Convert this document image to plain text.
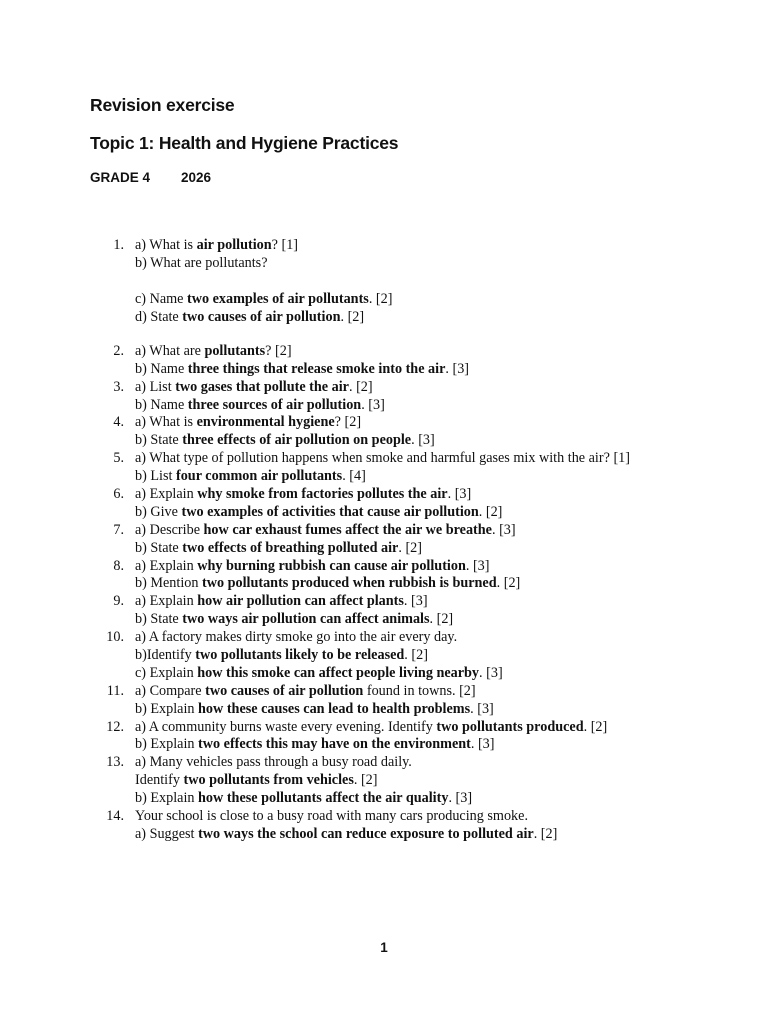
Revision exercise
Topic 1: Health and Hygiene Practices
GRADE 4 2026
1. a) What is air pollution? [1]
b) What are pollutants?
c) Name two examples of air pollutants. [2]
d) State two causes of air pollution. [2]
2. a) What are pollutants? [2]
b) Name three things that release smoke into the air. [3]
3. a) List two gases that pollute the air. [2]
b) Name three sources of air pollution. [3]
4. a) What is environmental hygiene? [2]
b) State three effects of air pollution on people. [3]
5. a) What type of pollution happens when smoke and harmful gases mix with the air? [1]
b) List four common air pollutants. [4]
6. a) Explain why smoke from factories pollutes the air. [3]
b) Give two examples of activities that cause air pollution. [2]
7. a) Describe how car exhaust fumes affect the air we breathe. [3]
b) State two effects of breathing polluted air. [2]
8. a) Explain why burning rubbish can cause air pollution. [3]
b) Mention two pollutants produced when rubbish is burned. [2]
9. a) Explain how air pollution can affect plants. [3]
b) State two ways air pollution can affect animals. [2]
10. a) A factory makes dirty smoke go into the air every day.
b)Identify two pollutants likely to be released. [2]
c) Explain how this smoke can affect people living nearby. [3]
11. a) Compare two causes of air pollution found in towns. [2]
b) Explain how these causes can lead to health problems. [3]
12. a) A community burns waste every evening. Identify two pollutants produced. [2]
b) Explain two effects this may have on the environment. [3]
13. a) Many vehicles pass through a busy road daily.
Identify two pollutants from vehicles. [2]
b) Explain how these pollutants affect the air quality. [3]
14. Your school is close to a busy road with many cars producing smoke.
a) Suggest two ways the school can reduce exposure to polluted air. [2]
1
